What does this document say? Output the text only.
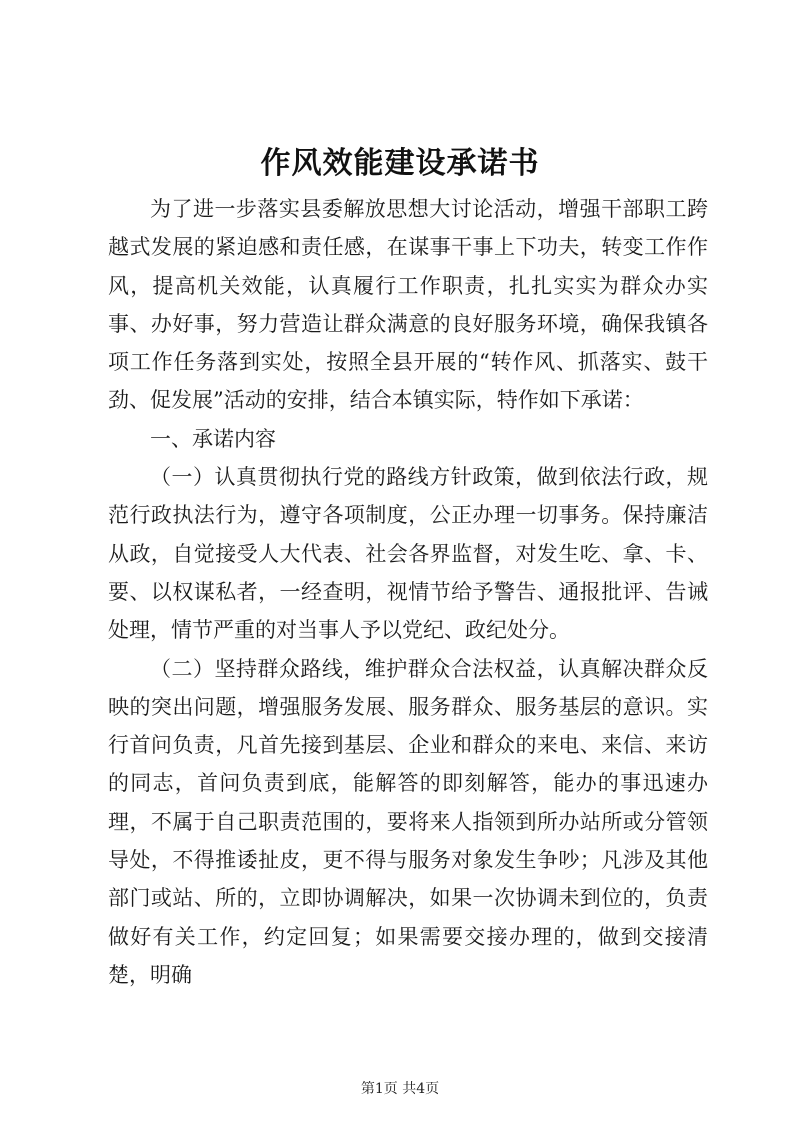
作风效能建设承诺书

为了进一步落实县委解放思想大讨论活动，增强干部职工跨越式发展的紧迫感和责任感，在谋事干事上下功夫，转变工作作风，提高机关效能，认真履行工作职责，扎扎实实为群众办实事、办好事，努力营造让群众满意的良好服务环境，确保我镇各项工作任务落到实处，按照全县开展的“转作风、抓落实、鼓干劲、促发展”活动的安排，结合本镇实际，特作如下承诺：

一、承诺内容

（一）认真贯彻执行党的路线方针政策，做到依法行政，规范行政执法行为，遵守各项制度，公正办理一切事务。保持廉洁从政，自觉接受人大代表、社会各界监督，对发生吃、拿、卡、要、以权谋私者，一经查明，视情节给予警告、通报批评、告诫处理，情节严重的对当事人予以党纪、政纪处分。

（二）坚持群众路线，维护群众合法权益，认真解决群众反映的突出问题，增强服务发展、服务群众、服务基层的意识。实行首问负责，凡首先接到基层、企业和群众的来电、来信、来访的同志，首问负责到底，能解答的即刻解答，能办的事迅速办理，不属于自己职责范围的，要将来人指领到所办站所或分管领导处，不得推诿扯皮，更不得与服务对象发生争吵；凡涉及其他部门或站、所的，立即协调解决，如果一次协调未到位的，负责做好有关工作，约定回复；如果需要交接办理的，做到交接清楚，明确

第1页 共4页
